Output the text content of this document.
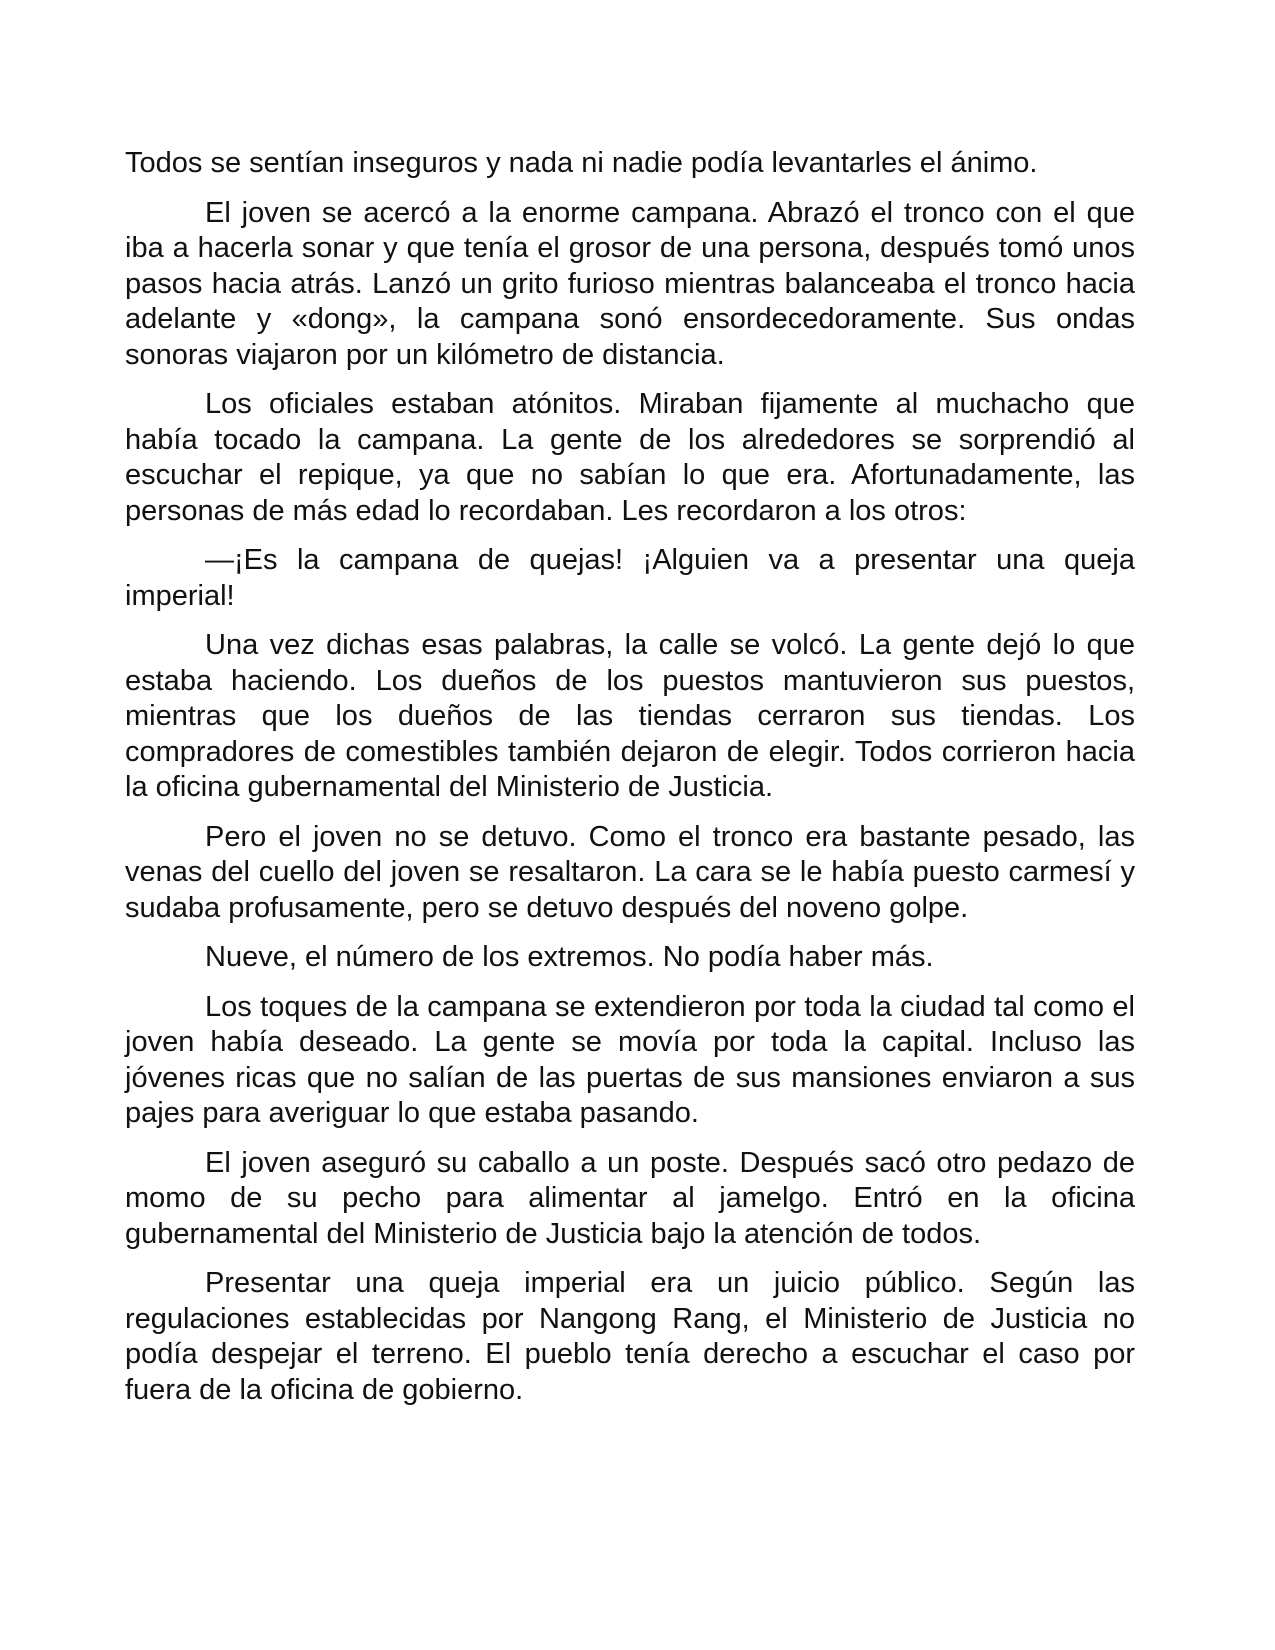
Todos se sentían inseguros y nada ni nadie podía levantarles el ánimo.

El joven se acercó a la enorme campana. Abrazó el tronco con el que iba a hacerla sonar y que tenía el grosor de una persona, después tomó unos pasos hacia atrás. Lanzó un grito furioso mientras balanceaba el tronco hacia adelante y «dong», la campana sonó ensordecedoramente. Sus ondas sonoras viajaron por un kilómetro de distancia.

Los oficiales estaban atónitos. Miraban fijamente al muchacho que había tocado la campana. La gente de los alrededores se sorprendió al escuchar el repique, ya que no sabían lo que era. Afortunadamente, las personas de más edad lo recordaban. Les recordaron a los otros:

—¡Es la campana de quejas! ¡Alguien va a presentar una queja imperial!

Una vez dichas esas palabras, la calle se volcó. La gente dejó lo que estaba haciendo. Los dueños de los puestos mantuvieron sus puestos, mientras que los dueños de las tiendas cerraron sus tiendas. Los compradores de comestibles también dejaron de elegir. Todos corrieron hacia la oficina gubernamental del Ministerio de Justicia.

Pero el joven no se detuvo. Como el tronco era bastante pesado, las venas del cuello del joven se resaltaron. La cara se le había puesto carmesí y sudaba profusamente, pero se detuvo después del noveno golpe.

Nueve, el número de los extremos. No podía haber más.

Los toques de la campana se extendieron por toda la ciudad tal como el joven había deseado. La gente se movía por toda la capital. Incluso las jóvenes ricas que no salían de las puertas de sus mansiones enviaron a sus pajes para averiguar lo que estaba pasando.

El joven aseguró su caballo a un poste. Después sacó otro pedazo de momo de su pecho para alimentar al jamelgo. Entró en la oficina gubernamental del Ministerio de Justicia bajo la atención de todos.

Presentar una queja imperial era un juicio público. Según las regulaciones establecidas por Nangong Rang, el Ministerio de Justicia no podía despejar el terreno. El pueblo tenía derecho a escuchar el caso por fuera de la oficina de gobierno.
